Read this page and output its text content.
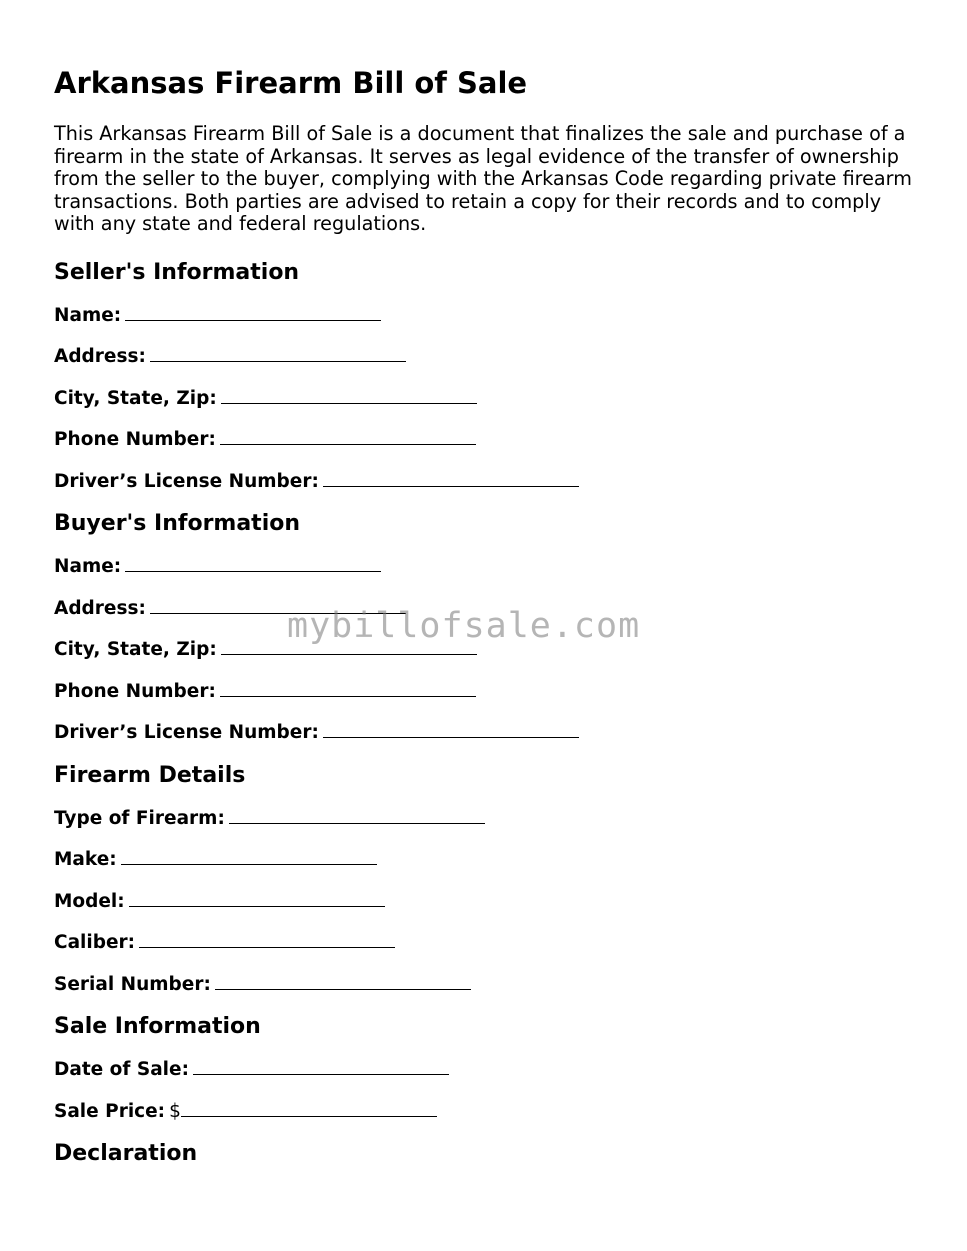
Arkansas Firearm Bill of Sale

This Arkansas Firearm Bill of Sale is a document that finalizes the sale and purchase of a firearm in the state of Arkansas. It serves as legal evidence of the transfer of ownership from the seller to the buyer, complying with the Arkansas Code regarding private firearm transactions. Both parties are advised to retain a copy for their records and to comply with any state and federal regulations.

Seller's Information
Name:
Address:
City, State, Zip:
Phone Number:
Driver’s License Number:
Buyer's Information
Name:
Address:
City, State, Zip:
Phone Number:
Driver’s License Number:
Firearm Details
Type of Firearm:
Make:
Model:
Caliber:
Serial Number:
Sale Information
Date of Sale:
Sale Price: $
Declaration
mybillofsale.com
